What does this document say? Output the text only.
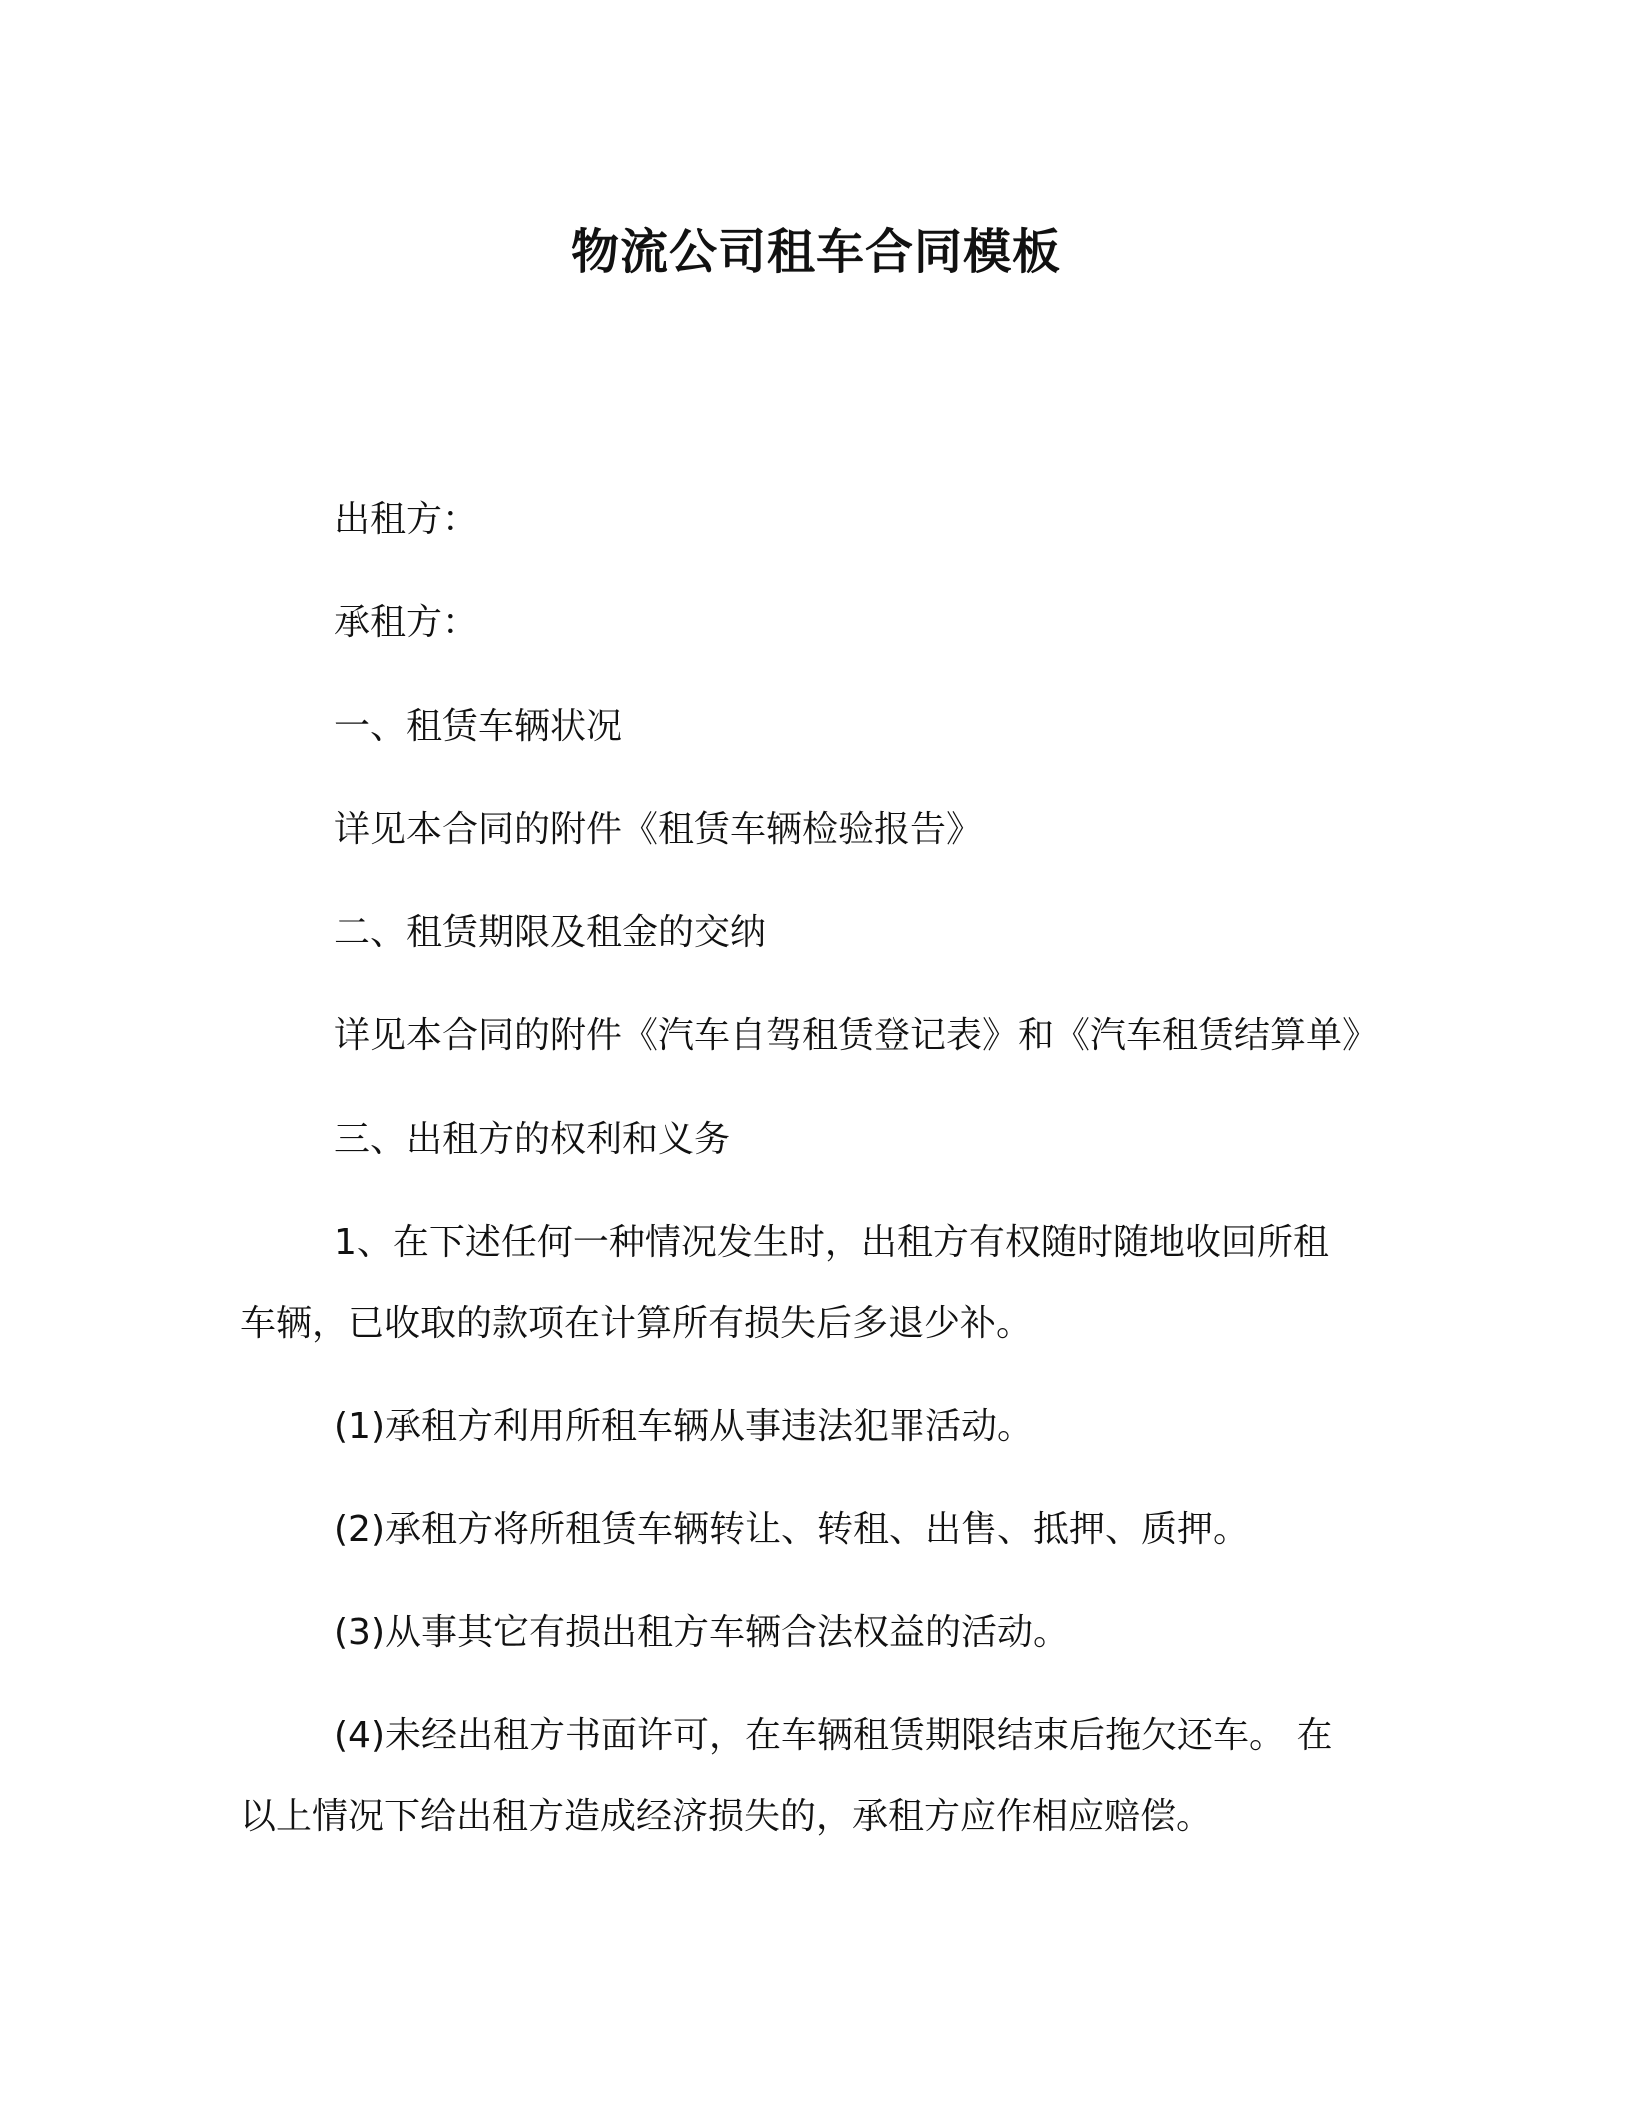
物流公司租车合同模板

出租方：

承租方：

一、租赁车辆状况

详见本合同的附件《租赁车辆检验报告》

二、租赁期限及租金的交纳

详见本合同的附件《汽车自驾租赁登记表》和《汽车租赁结算单》

三、出租方的权利和义务

1、在下述任何一种情况发生时，出租方有权随时随地收回所租

车辆，已收取的款项在计算所有损失后多退少补。

(1)承租方利用所租车辆从事违法犯罪活动。

(2)承租方将所租赁车辆转让、转租、出售、抵押、质押。

(3)从事其它有损出租方车辆合法权益的活动。

(4)未经出租方书面许可，在车辆租赁期限结束后拖欠还车。 在

以上情况下给出租方造成经济损失的，承租方应作相应赔偿。
